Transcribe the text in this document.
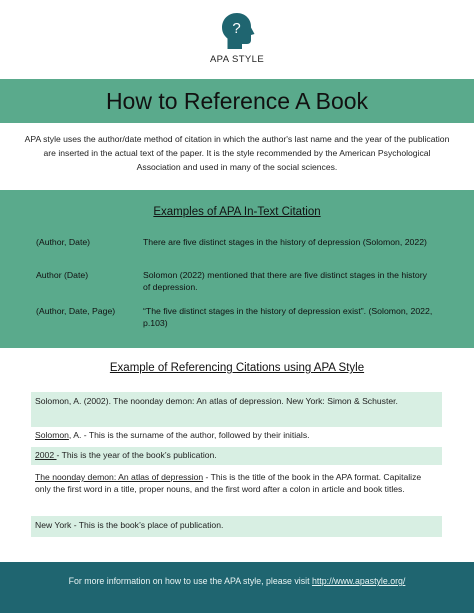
?
APA STYLE
How to Reference A Book

APA style uses the author/date method of citation in which the author's last name and the year of the publication are inserted in the actual text of the paper. It is the style recommended by the American Psychological Association and used in many of the social sciences.

Examples of APA In-Text Citation
(Author, Date)	There are five distinct stages in the history of depression (Solomon, 2022)
Author (Date)	Solomon (2022) mentioned that there are five distinct stages in the history of depression.
(Author, Date, Page)	“The five distinct stages in the history of depression exist”. (Solomon, 2022, p.103)
Example of Referencing Citations using APA Style
Solomon, A. (2002). The noonday demon: An atlas of depression. New York: Simon & Schuster.
Solomon, A. - This is the surname of the author, followed by their initials.
2002 - This is the year of the book’s publication.
The noonday demon: An atlas of depression - This is the title of the book in the APA format. Capitalize only the first word in a title, proper nouns, and the first word after a colon in article and book titles.
New York - This is the book’s place of publication.

For more information on how to use the APA style, please visit http://www.apastyle.org/
